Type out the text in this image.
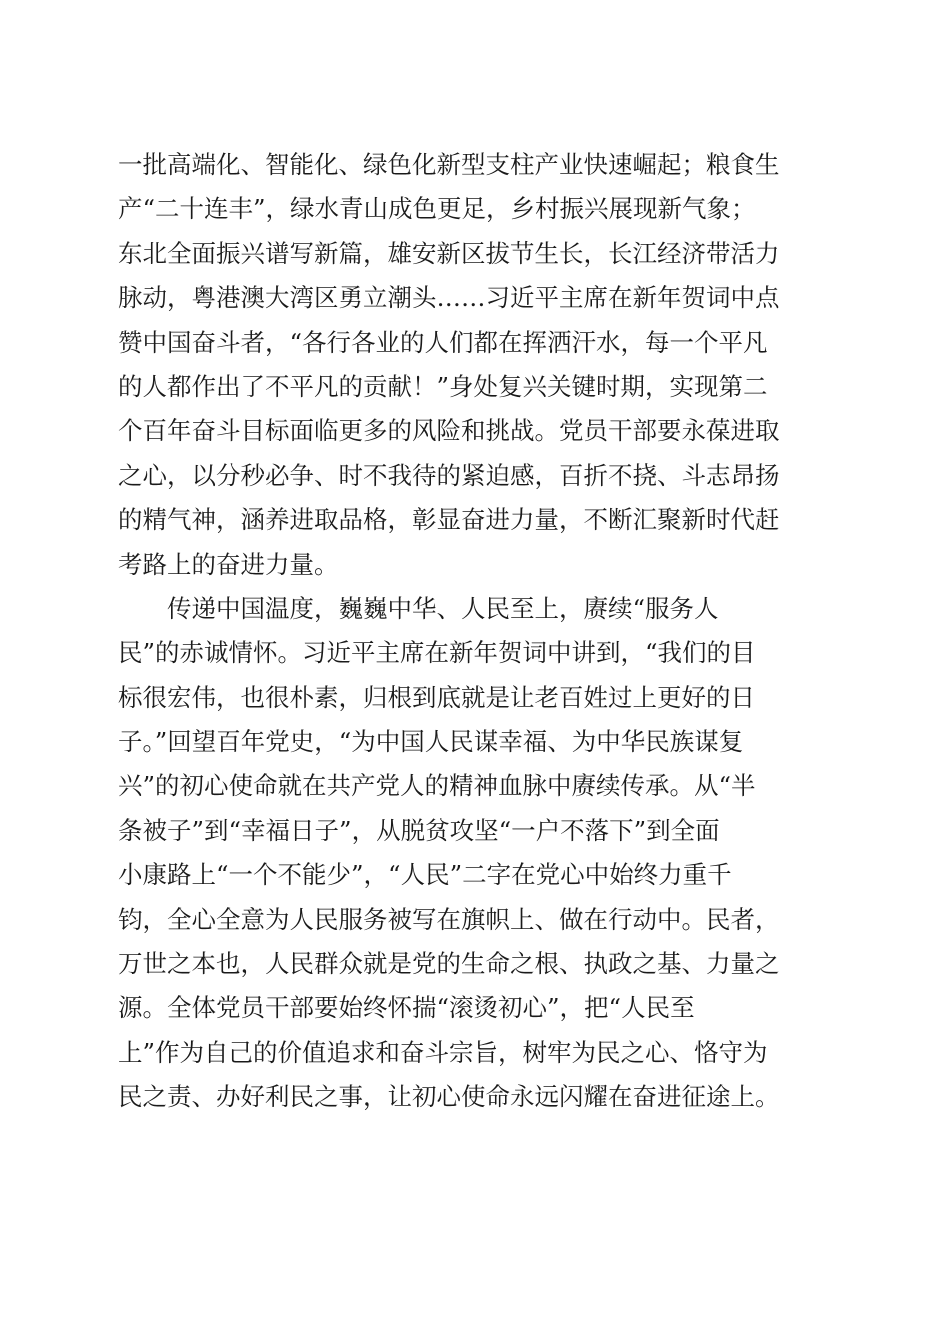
一批高端化、智能化、绿色化新型支柱产业快速崛起；粮食生
产“二十连丰”，绿水青山成色更足，乡村振兴展现新气象；
东北全面振兴谱写新篇，雄安新区拔节生长，长江经济带活力
脉动，粤港澳大湾区勇立潮头……习近平主席在新年贺词中点
赞中国奋斗者，“各行各业的人们都在挥洒汗水，每一个平凡
的人都作出了不平凡的贡献！”身处复兴关键时期，实现第二
个百年奋斗目标面临更多的风险和挑战。党员干部要永葆进取
之心，以分秒必争、时不我待的紧迫感，百折不挠、斗志昂扬
的精气神，涵养进取品格，彰显奋进力量，不断汇聚新时代赶
考路上的奋进力量。
　　传递中国温度，巍巍中华、人民至上，赓续“服务人
民”的赤诚情怀。习近平主席在新年贺词中讲到，“我们的目
标很宏伟，也很朴素，归根到底就是让老百姓过上更好的日
子。”回望百年党史，“为中国人民谋幸福、为中华民族谋复
兴”的初心使命就在共产党人的精神血脉中赓续传承。从“半
条被子”到“幸福日子”，从脱贫攻坚“一户不落下”到全面
小康路上“一个不能少”，“人民”二字在党心中始终力重千
钧，全心全意为人民服务被写在旗帜上、做在行动中。民者，
万世之本也，人民群众就是党的生命之根、执政之基、力量之
源。全体党员干部要始终怀揣“滚烫初心”，把“人民至
上”作为自己的价值追求和奋斗宗旨，树牢为民之心、恪守为
民之责、办好利民之事，让初心使命永远闪耀在奋进征途上。
